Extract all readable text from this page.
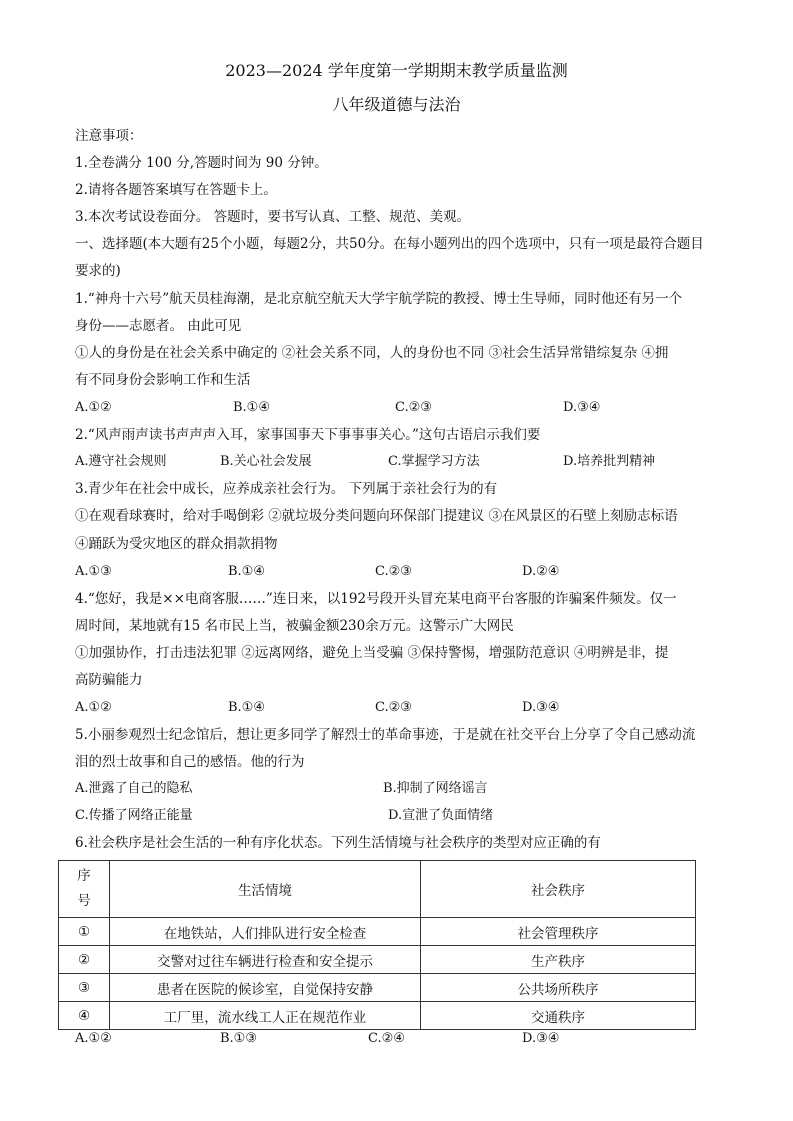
2023—2024 学年度第一学期期末教学质量监测
八年级道德与法治
注意事项：
1.全卷满分 100 分,答题时间为 90 分钟。
2.请将各题答案填写在答题卡上。
3.本次考试设卷面分。 答题时，要书写认真、工整、规范、美观。
一、选择题(本大题有25个小题，每题2分，共50分。在每小题列出的四个选项中，只有一项是最符合题目
要求的)
1.“神舟十六号”航天员桂海潮，是北京航空航天大学宇航学院的教授、博士生导师，同时他还有另一个
身份——志愿者。 由此可见
①人的身份是在社会关系中确定的 ②社会关系不同，人的身份也不同 ③社会生活异常错综复杂 ④拥
有不同身份会影响工作和生活
A.①②	B.①④	C.②③	D.③④
2.“风声雨声读书声声声入耳，家事国事天下事事事关心。”这句古语启示我们要
A.遵守社会规则	B.关心社会发展	C.掌握学习方法	D.培养批判精神
3.青少年在社会中成长，应养成亲社会行为。 下列属于亲社会行为的有
①在观看球赛时，给对手喝倒彩 ②就垃圾分类问题向环保部门提建议 ③在风景区的石壁上刻励志标语
④踊跃为受灾地区的群众捐款捐物
A.①③	B.①④	C.②③	D.②④
4.“您好，我是××电商客服……”连日来，以192号段开头冒充某电商平台客服的诈骗案件频发。仅一
周时间，某地就有15 名市民上当，被骗金额230余万元。这警示广大网民
①加强协作，打击违法犯罪 ②远离网络，避免上当受骗 ③保持警惕，增强防范意识 ④明辨是非，提
高防骗能力
A.①②	B.①④	C.②③	D.③④
5.小丽参观烈士纪念馆后，想让更多同学了解烈士的革命事迹，于是就在社交平台上分享了令自己感动流
泪的烈士故事和自己的感悟。他的行为
A.泄露了自己的隐私	B.抑制了网络谣言
C.传播了网络正能量	D.宣泄了负面情绪
6.社会秩序是社会生活的一种有序化状态。下列生活情境与社会秩序的类型对应正确的有
序号	生活情境	社会秩序
①	在地铁站，人们排队进行安全检查	社会管理秩序
②	交警对过往车辆进行检查和安全提示	生产秩序
③	患者在医院的候诊室，自觉保持安静	公共场所秩序
④	工厂里，流水线工人正在规范作业	交通秩序
A.①②	B.①③	C.②④	D.③④
